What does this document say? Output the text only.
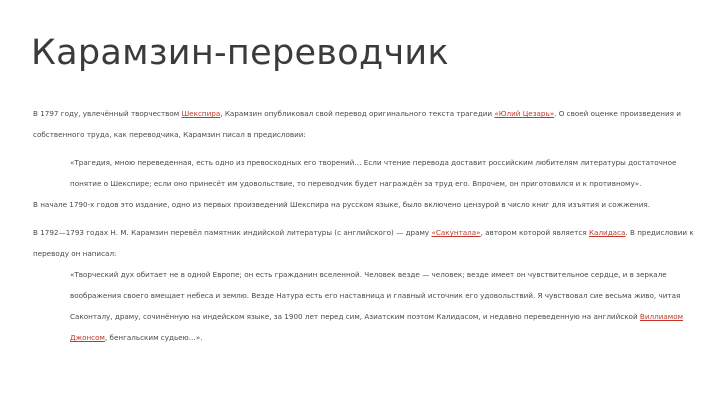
Карамзин-переводчик
В 1797 году, увлечённый творчеством Шекспира, Карамзин опубликовал свой перевод оригинального текста трагедии «Юлий Цезарь». О своей оценке произведения и
собственного труда, как переводчика, Карамзин писал в предисловии:
«Трагедия, мною переведенная, есть одно из превосходных его творений… Если чтение перевода доставит российским любителям литературы достаточное
понятие о Шекспире; если оно принесёт им удовольствие, то переводчик будет награждён за труд его. Впрочем, он приготовился и к противному».
В начале 1790-х годов это издание, одно из первых произведений Шекспира на русском языке, было включено цензурой в число книг для изъятия и сожжения.
В 1792—1793 годах Н. М. Карамзин перевёл памятник индийской литературы (с английского) — драму «Сакунтала», автором которой является Калидаса. В предисловии к
переводу он написал:
«Творческий дух обитает не в одной Европе; он есть гражданин вселенной. Человек везде — человек; везде имеет он чувствительное сердце, и в зеркале
воображения своего вмещает небеса и землю. Везде Натура есть его наставница и главный источник его удовольствий. Я чувствовал сие весьма живо, читая
Саконталу, драму, сочинённую на индейском языке, за 1900 лет перед сим, Азиатским поэтом Калидасом, и недавно переведенную на английской Виллиамом
Джонсом, бенгальским судьею…».
